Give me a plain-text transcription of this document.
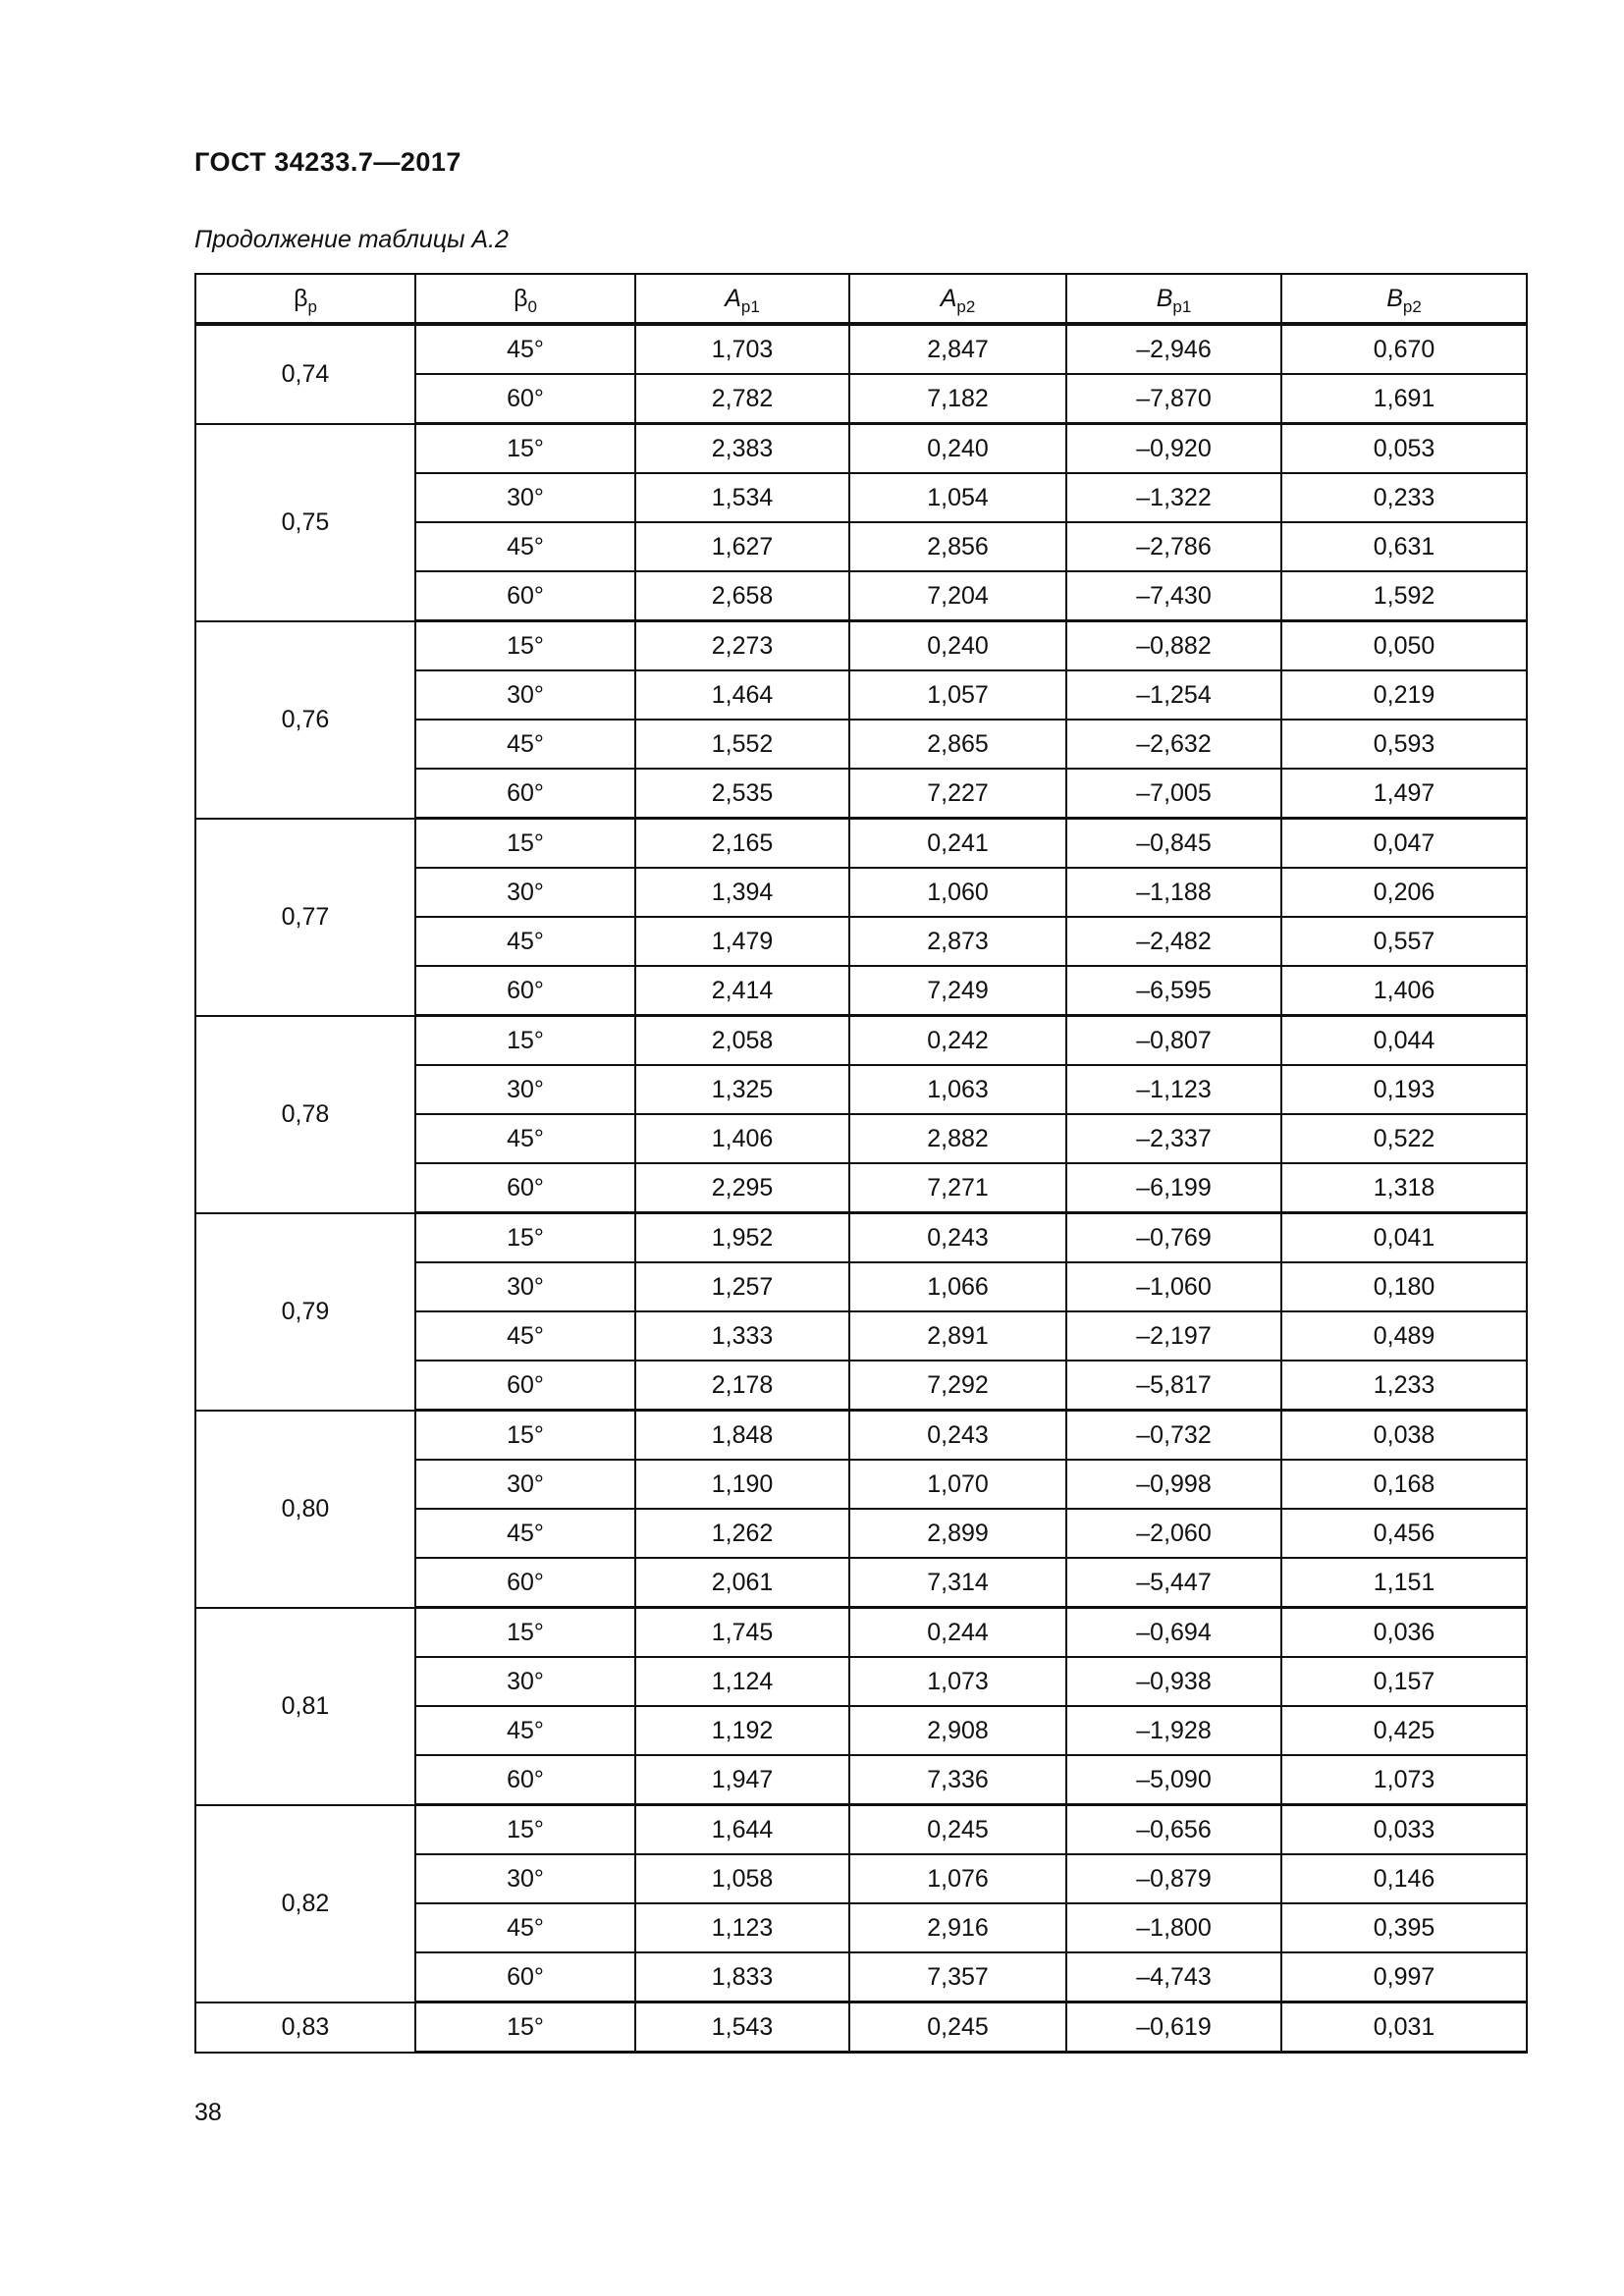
ГОСТ 34233.7—2017
Продолжение таблицы А.2
$\beta_p$	$\beta_0$	$A_{p1}$	$A_{p2}$	$B_{p1}$	$B_{p2}$
0,74	45°	1,703	2,847	–2,946	0,670
	60°	2,782	7,182	–7,870	1,691
0,75	15°	2,383	0,240	–0,920	0,053
	30°	1,534	1,054	–1,322	0,233
	45°	1,627	2,856	–2,786	0,631
	60°	2,658	7,204	–7,430	1,592
0,76	15°	2,273	0,240	–0,882	0,050
	30°	1,464	1,057	–1,254	0,219
	45°	1,552	2,865	–2,632	0,593
	60°	2,535	7,227	–7,005	1,497
0,77	15°	2,165	0,241	–0,845	0,047
	30°	1,394	1,060	–1,188	0,206
	45°	1,479	2,873	–2,482	0,557
	60°	2,414	7,249	–6,595	1,406
0,78	15°	2,058	0,242	–0,807	0,044
	30°	1,325	1,063	–1,123	0,193
	45°	1,406	2,882	–2,337	0,522
	60°	2,295	7,271	–6,199	1,318
0,79	15°	1,952	0,243	–0,769	0,041
	30°	1,257	1,066	–1,060	0,180
	45°	1,333	2,891	–2,197	0,489
	60°	2,178	7,292	–5,817	1,233
0,80	15°	1,848	0,243	–0,732	0,038
	30°	1,190	1,070	–0,998	0,168
	45°	1,262	2,899	–2,060	0,456
	60°	2,061	7,314	–5,447	1,151
0,81	15°	1,745	0,244	–0,694	0,036
	30°	1,124	1,073	–0,938	0,157
	45°	1,192	2,908	–1,928	0,425
	60°	1,947	7,336	–5,090	1,073
0,82	15°	1,644	0,245	–0,656	0,033
	30°	1,058	1,076	–0,879	0,146
	45°	1,123	2,916	–1,800	0,395
	60°	1,833	7,357	–4,743	0,997
0,83	15°	1,543	0,245	–0,619	0,031
38
